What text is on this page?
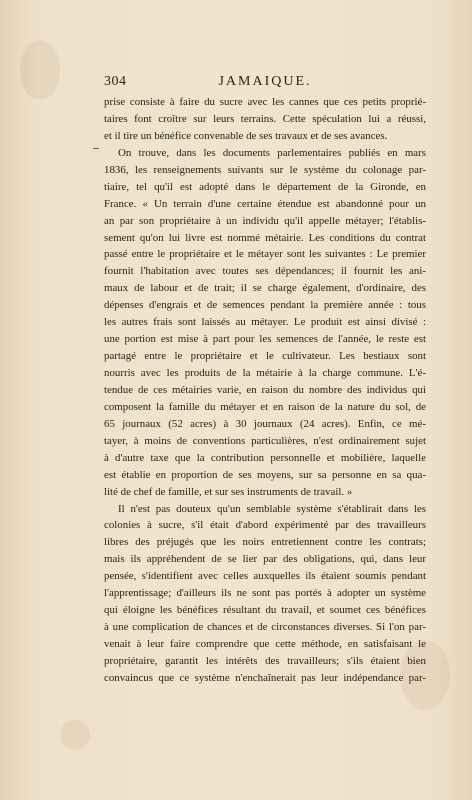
304	JAMAIQUE.

prise consiste à faire du sucre avec les cannes que ces petits proprié-

taires font croître sur leurs terrains. Cette spéculation lui a réussi,

et il tire un bénéfice convenable de ses travaux et de ses avances.

On trouve, dans les documents parlementaires publiés en mars

1836, les renseignements suivants sur le système du colonage par-

tiaire, tel qu'il est adopté dans le département de la Gironde, en

France. « Un terrain d'une certaine étendue est abandonné pour un

an par son propriétaire à un individu qu'il appelle métayer; l'établis-

sement qu'on lui livre est nommé métairie. Les conditions du contrat

passé entre le propriétaire et le métayer sont les suivantes : Le premier

fournit l'habitation avec toutes ses dépendances; il fournit les ani-

maux de labour et de trait; il se charge également, d'ordinaire, des

dépenses d'engrais et de semences pendant la première année : tous

les autres frais sont laissés au métayer. Le produit est ainsi divisé :

une portion est mise à part pour les semences de l'année, le reste est

partagé entre le propriétaire et le cultivateur. Les bestiaux sont

nourris avec les produits de la métairie à la charge commune. L'é-

tendue de ces métairies varie, en raison du nombre des individus qui

composent la famille du métayer et en raison de la nature du sol, de

65 journaux (52 acres) à 30 journaux (24 acres). Enfin, ce mé-

tayer, à moins de conventions particulières, n'est ordinairement sujet

à d'autre taxe que la contribution personnelle et mobilière, laquelle

est établie en proportion de ses moyens, sur sa personne en sa qua-

lité de chef de famille, et sur ses instruments de travail. »

Il n'est pas douteux qu'un semblable système s'établirait dans les

colonies à sucre, s'il était d'abord expérimenté par des travailleurs

libres des préjugés que les noirs entretiennent contre les contrats;

mais ils appréhendent de se lier par des obligations, qui, dans leur

pensée, s'identifient avec celles auxquelles ils étaient soumis pendant

l'apprentissage; d'ailleurs ils ne sont pas portés à adopter un système

qui éloigne les bénéfices résultant du travail, et soumet ces bénéfices

à une complication de chances et de circonstances diverses. Si l'on par-

venait à leur faire comprendre que cette méthode, en satisfaisant le

propriétaire, garantit les intérêts des travailleurs; s'ils étaient bien

convaincus que ce système n'enchaînerait pas leur indépendance par-
